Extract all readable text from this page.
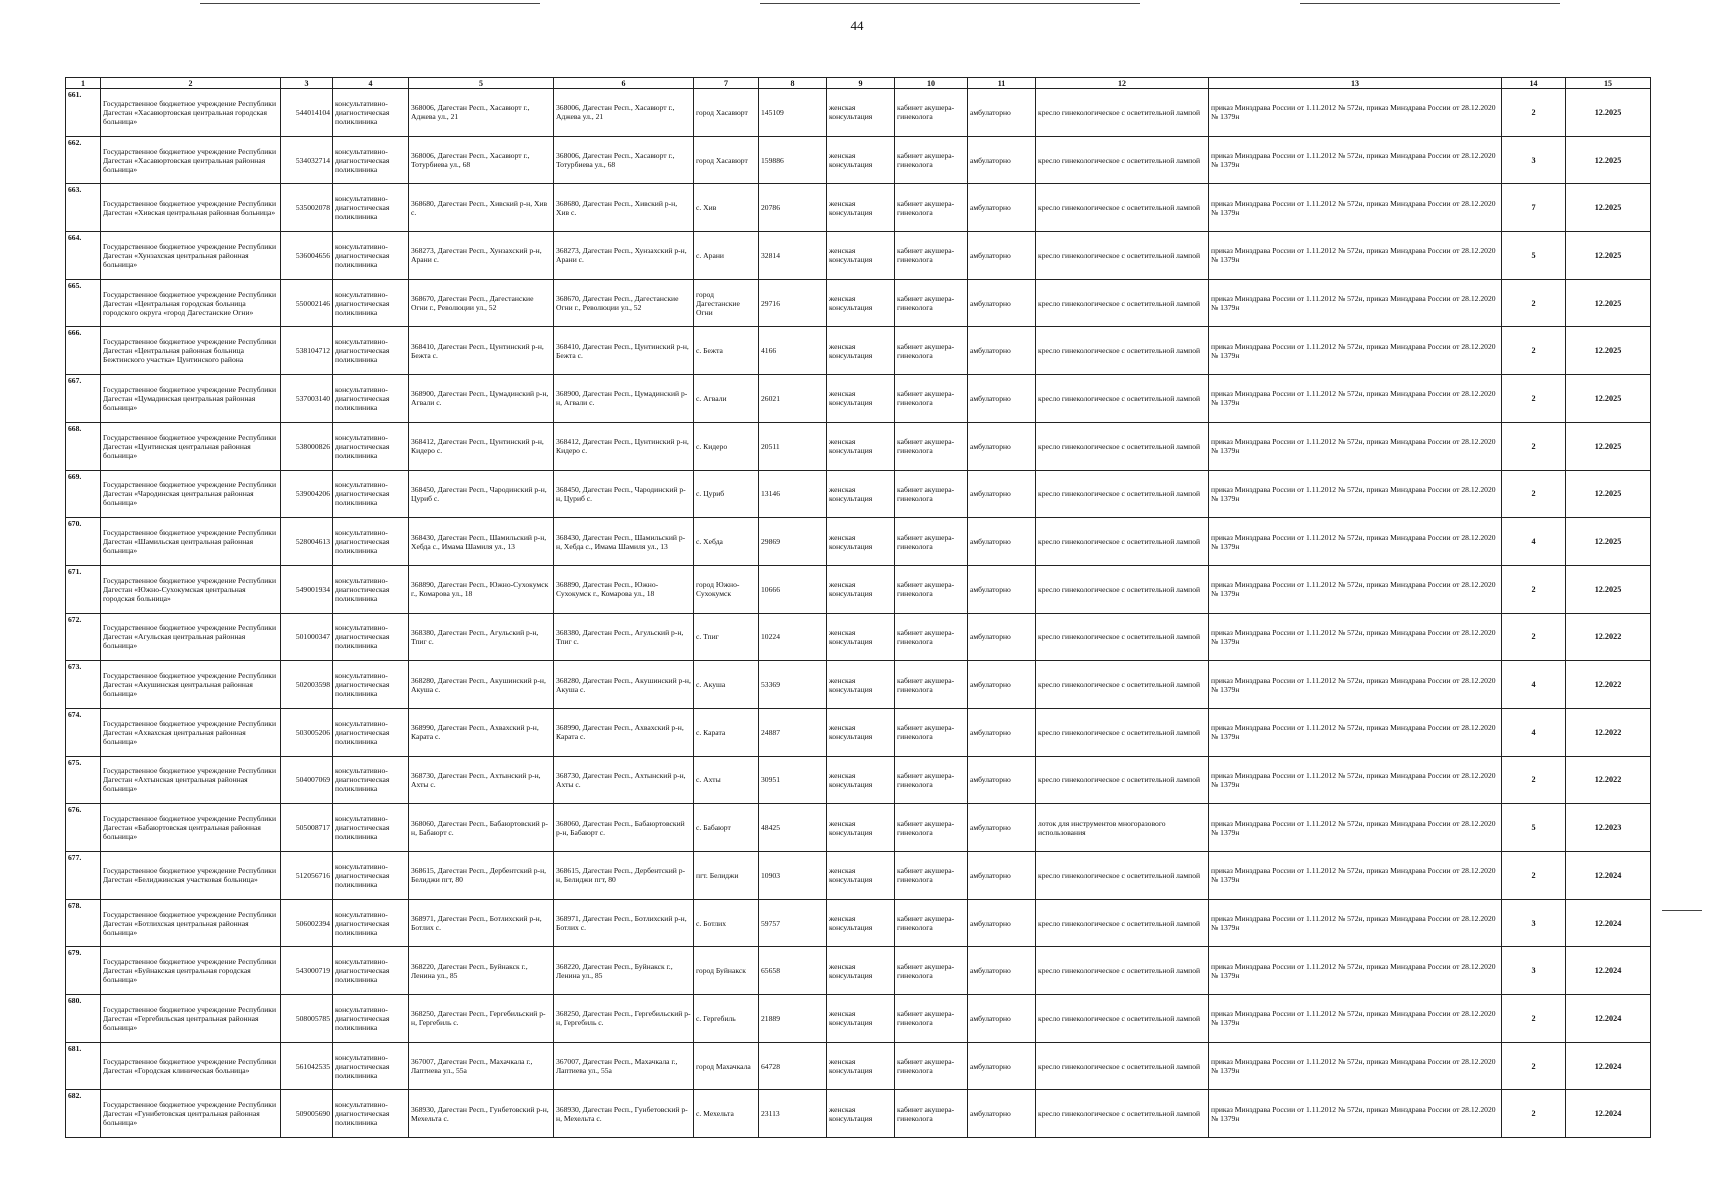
44
1	2	3	4	5	6	7	8	9	10	11	12	13	14	15
661.	Государственное бюджетное учреждение Республики Дагестан «Хасавюртовская центральная городская больница»	544014104	консультативно-диагностическая поликлиника	368006, Дагестан Респ., Хасавюрт г., Аджева ул., 21	368006, Дагестан Респ., Хасавюрт г., Аджева ул., 21	город Хасавюрт	145109	женская консультация	кабинет акушера-гинеколога	амбулаторно	кресло гинекологическое с осветительной лампой	приказ Минздрава России от 1.11.2012 № 572н, приказ Минздрава России от 28.12.2020 № 1379н	2	12.2025
662.	Государственное бюджетное учреждение Республики Дагестан «Хасавюртовская центральная районная больница»	534032714	консультативно-диагностическая поликлиника	368006, Дагестан Респ., Хасавюрт г., Тотурбиева ул., 68	368006, Дагестан Респ., Хасавюрт г., Тотурбиева ул., 68	город Хасавюрт	159886	женская консультация	кабинет акушера-гинеколога	амбулаторно	кресло гинекологическое с осветительной лампой	приказ Минздрава России от 1.11.2012 № 572н, приказ Минздрава России от 28.12.2020 № 1379н	3	12.2025
663.	Государственное бюджетное учреждение Республики Дагестан «Хивская центральная районная больница»	535002078	консультативно-диагностическая поликлиника	368680, Дагестан Респ., Хивский р-н, Хив с.	368680, Дагестан Респ., Хивский р-н, Хив с.	с. Хив	20786	женская консультация	кабинет акушера-гинеколога	амбулаторно	кресло гинекологическое с осветительной лампой	приказ Минздрава России от 1.11.2012 № 572н, приказ Минздрава России от 28.12.2020 № 1379н	7	12.2025
664.	Государственное бюджетное учреждение Республики Дагестан «Хунзахская центральная районная больница»	536004656	консультативно-диагностическая поликлиника	368273, Дагестан Респ., Хунзахский р-н, Арани с.	368273, Дагестан Респ., Хунзахский р-н, Арани с.	с. Арани	32814	женская консультация	кабинет акушера-гинеколога	амбулаторно	кресло гинекологическое с осветительной лампой	приказ Минздрава России от 1.11.2012 № 572н, приказ Минздрава России от 28.12.2020 № 1379н	5	12.2025
665.	Государственное бюджетное учреждение Республики Дагестан «Центральная городская больница городского округа «город Дагестанские Огни»	550002146	консультативно-диагностическая поликлиника	368670, Дагестан Респ., Дагестанские Огни г., Революции ул., 52	368670, Дагестан Респ., Дагестанские Огни г., Революции ул., 52	город Дагестанские Огни	29716	женская консультация	кабинет акушера-гинеколога	амбулаторно	кресло гинекологическое с осветительной лампой	приказ Минздрава России от 1.11.2012 № 572н, приказ Минздрава России от 28.12.2020 № 1379н	2	12.2025
666.	Государственное бюджетное учреждение Республики Дагестан «Центральная районная больница Бежтинского участка» Цунтинского района	538104712	консультативно-диагностическая поликлиника	368410, Дагестан Респ., Цунтинский р-н, Бежта с.	368410, Дагестан Респ., Цунтинский р-н, Бежта с.	с. Бежта	4166	женская консультация	кабинет акушера-гинеколога	амбулаторно	кресло гинекологическое с осветительной лампой	приказ Минздрава России от 1.11.2012 № 572н, приказ Минздрава России от 28.12.2020 № 1379н	2	12.2025
667.	Государственное бюджетное учреждение Республики Дагестан «Цумадинская центральная районная больница»	537003140	консультативно-диагностическая поликлиника	368900, Дагестан Респ., Цумадинский р-н, Агвали с.	368900, Дагестан Респ., Цумадинский р-н, Агвали с.	с. Агвали	26021	женская консультация	кабинет акушера-гинеколога	амбулаторно	кресло гинекологическое с осветительной лампой	приказ Минздрава России от 1.11.2012 № 572н, приказ Минздрава России от 28.12.2020 № 1379н	2	12.2025
668.	Государственное бюджетное учреждение Республики Дагестан «Цунтинская центральная районная больница»	538000826	консультативно-диагностическая поликлиника	368412, Дагестан Респ., Цунтинский р-н, Кидеро с.	368412, Дагестан Респ., Цунтинский р-н, Кидеро с.	с. Кидеро	20511	женская консультация	кабинет акушера-гинеколога	амбулаторно	кресло гинекологическое с осветительной лампой	приказ Минздрава России от 1.11.2012 № 572н, приказ Минздрава России от 28.12.2020 № 1379н	2	12.2025
669.	Государственное бюджетное учреждение Республики Дагестан «Чародинская центральная районная больница»	539004206	консультативно-диагностическая поликлиника	368450, Дагестан Респ., Чародинский р-н, Цуриб с.	368450, Дагестан Респ., Чародинский р-н, Цуриб с.	с. Цуриб	13146	женская консультация	кабинет акушера-гинеколога	амбулаторно	кресло гинекологическое с осветительной лампой	приказ Минздрава России от 1.11.2012 № 572н, приказ Минздрава России от 28.12.2020 № 1379н	2	12.2025
670.	Государственное бюджетное учреждение Республики Дагестан «Шамильская центральная районная больница»	528004613	консультативно-диагностическая поликлиника	368430, Дагестан Респ., Шамильский р-н, Хебда с., Имама Шамиля ул., 13	368430, Дагестан Респ., Шамильский р-н, Хебда с., Имама Шамиля ул., 13	с. Хебда	29869	женская консультация	кабинет акушера-гинеколога	амбулаторно	кресло гинекологическое с осветительной лампой	приказ Минздрава России от 1.11.2012 № 572н, приказ Минздрава России от 28.12.2020 № 1379н	4	12.2025
671.	Государственное бюджетное учреждение Республики Дагестан «Южно-Сухокумская центральная городская больница»	549001934	консультативно-диагностическая поликлиника	368890, Дагестан Респ., Южно-Сухокумск г., Комарова ул., 18	368890, Дагестан Респ., Южно-Сухокумск г., Комарова ул., 18	город Южно-Сухокумск	10666	женская консультация	кабинет акушера-гинеколога	амбулаторно	кресло гинекологическое с осветительной лампой	приказ Минздрава России от 1.11.2012 № 572н, приказ Минздрава России от 28.12.2020 № 1379н	2	12.2025
672.	Государственное бюджетное учреждение Республики Дагестан «Агульская центральная районная больница»	501000347	консультативно-диагностическая поликлиника	368380, Дагестан Респ., Агульский р-н, Тпиг с.	368380, Дагестан Респ., Агульский р-н, Тпиг с.	с. Тпиг	10224	женская консультация	кабинет акушера-гинеколога	амбулаторно	кресло гинекологическое с осветительной лампой	приказ Минздрава России от 1.11.2012 № 572н, приказ Минздрава России от 28.12.2020 № 1379н	2	12.2022
673.	Государственное бюджетное учреждение Республики Дагестан «Акушинская центральная районная больница»	502003598	консультативно-диагностическая поликлиника	368280, Дагестан Респ., Акушинский р-н, Акуша с.	368280, Дагестан Респ., Акушинский р-н, Акуша с.	с. Акуша	53369	женская консультация	кабинет акушера-гинеколога	амбулаторно	кресло гинекологическое с осветительной лампой	приказ Минздрава России от 1.11.2012 № 572н, приказ Минздрава России от 28.12.2020 № 1379н	4	12.2022
674.	Государственное бюджетное учреждение Республики Дагестан «Ахвахская центральная районная больница»	503005206	консультативно-диагностическая поликлиника	368990, Дагестан Респ., Ахвахский р-н, Карата с.	368990, Дагестан Респ., Ахвахский р-н, Карата с.	с. Карата	24887	женская консультация	кабинет акушера-гинеколога	амбулаторно	кресло гинекологическое с осветительной лампой	приказ Минздрава России от 1.11.2012 № 572н, приказ Минздрава России от 28.12.2020 № 1379н	4	12.2022
675.	Государственное бюджетное учреждение Республики Дагестан «Ахтынская центральная районная больница»	504007069	консультативно-диагностическая поликлиника	368730, Дагестан Респ., Ахтынский р-н, Ахты с.	368730, Дагестан Респ., Ахтынский р-н, Ахты с.	с. Ахты	30951	женская консультация	кабинет акушера-гинеколога	амбулаторно	кресло гинекологическое с осветительной лампой	приказ Минздрава России от 1.11.2012 № 572н, приказ Минздрава России от 28.12.2020 № 1379н	2	12.2022
676.	Государственное бюджетное учреждение Республики Дагестан «Бабаюртовская центральная районная больница»	505008717	консультативно-диагностическая поликлиника	368060, Дагестан Респ., Бабаюртовский р-н, Бабаюрт с.	368060, Дагестан Респ., Бабаюртовский р-н, Бабаюрт с.	с. Бабаюрт	48425	женская консультация	кабинет акушера-гинеколога	амбулаторно	лоток для инструментов многоразового использования	приказ Минздрава России от 1.11.2012 № 572н, приказ Минздрава России от 28.12.2020 № 1379н	5	12.2023
677.	Государственное бюджетное учреждение Республики Дагестан «Белиджинская участковая больница»	512056716	консультативно-диагностическая поликлиника	368615, Дагестан Респ., Дербентский р-н, Белиджи пгт, 80	368615, Дагестан Респ., Дербентский р-н, Белиджи пгт, 80	пгт. Белиджи	10903	женская консультация	кабинет акушера-гинеколога	амбулаторно	кресло гинекологическое с осветительной лампой	приказ Минздрава России от 1.11.2012 № 572н, приказ Минздрава России от 28.12.2020 № 1379н	2	12.2024
678.	Государственное бюджетное учреждение Республики Дагестан «Ботлихская центральная районная больница»	506002394	консультативно-диагностическая поликлиника	368971, Дагестан Респ., Ботлихский р-н, Ботлих с.	368971, Дагестан Респ., Ботлихский р-н, Ботлих с.	с. Ботлих	59757	женская консультация	кабинет акушера-гинеколога	амбулаторно	кресло гинекологическое с осветительной лампой	приказ Минздрава России от 1.11.2012 № 572н, приказ Минздрава России от 28.12.2020 № 1379н	3	12.2024
679.	Государственное бюджетное учреждение Республики Дагестан «Буйнакская центральная городская больница»	543000719	консультативно-диагностическая поликлиника	368220, Дагестан Респ., Буйнакск г., Ленина ул., 85	368220, Дагестан Респ., Буйнакск г., Ленина ул., 85	город Буйнакск	65658	женская консультация	кабинет акушера-гинеколога	амбулаторно	кресло гинекологическое с осветительной лампой	приказ Минздрава России от 1.11.2012 № 572н, приказ Минздрава России от 28.12.2020 № 1379н	3	12.2024
680.	Государственное бюджетное учреждение Республики Дагестан «Гергебильская центральная районная больница»	508005785	консультативно-диагностическая поликлиника	368250, Дагестан Респ., Гергебильский р-н, Гергебиль с.	368250, Дагестан Респ., Гергебильский р-н, Гергебиль с.	с. Гергебиль	21889	женская консультация	кабинет акушера-гинеколога	амбулаторно	кресло гинекологическое с осветительной лампой	приказ Минздрава России от 1.11.2012 № 572н, приказ Минздрава России от 28.12.2020 № 1379н	2	12.2024
681.	Государственное бюджетное учреждение Республики Дагестан «Городская клиническая больница»	561042535	консультативно-диагностическая поликлиника	367007, Дагестан Респ., Махачкала г., Лаптиева ул., 55а	367007, Дагестан Респ., Махачкала г., Лаптиева ул., 55а	город Махачкала	64728	женская консультация	кабинет акушера-гинеколога	амбулаторно	кресло гинекологическое с осветительной лампой	приказ Минздрава России от 1.11.2012 № 572н, приказ Минздрава России от 28.12.2020 № 1379н	2	12.2024
682.	Государственное бюджетное учреждение Республики Дагестан «Гунибетовская центральная районная больница»	509005690	консультативно-диагностическая поликлиника	368930, Дагестан Респ., Гунбетовский р-н, Мехельта с.	368930, Дагестан Респ., Гунбетовский р-н, Мехельта с.	с. Мехельта	23113	женская консультация	кабинет акушера-гинеколога	амбулаторно	кресло гинекологическое с осветительной лампой	приказ Минздрава России от 1.11.2012 № 572н, приказ Минздрава России от 28.12.2020 № 1379н	2	12.2024
